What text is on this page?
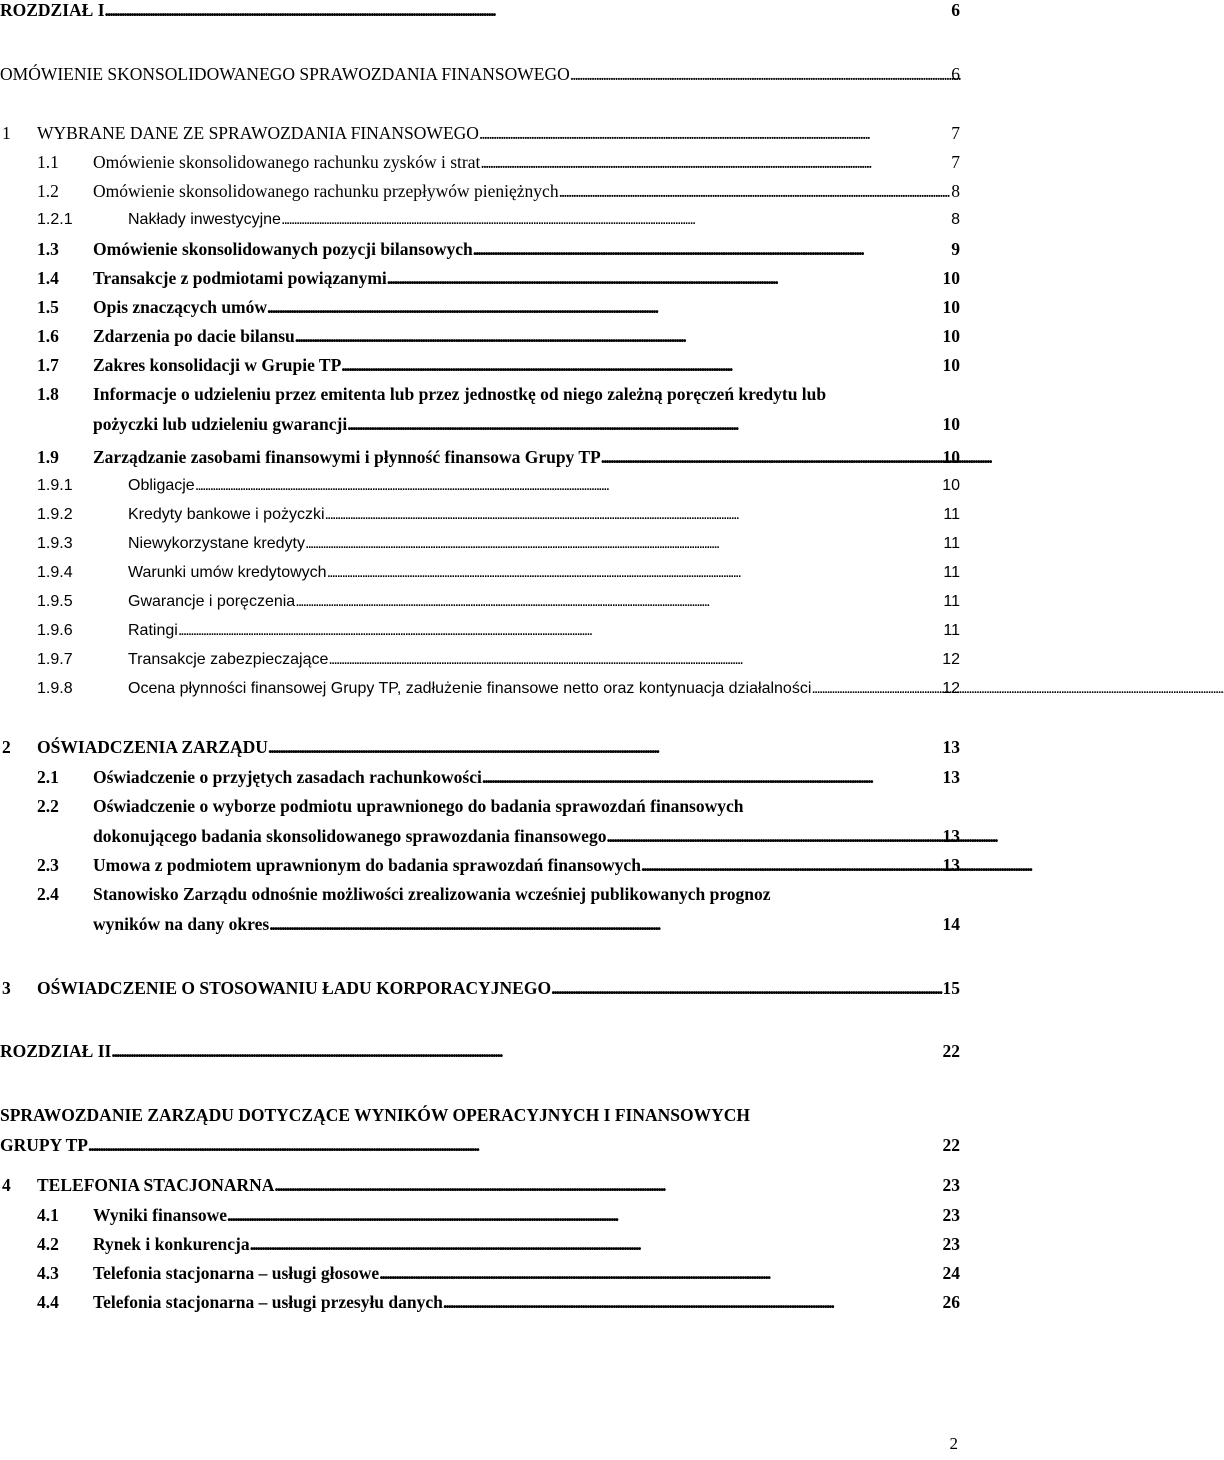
ROZDZIAŁ I . . .	6
OMÓWIENIE SKONSOLIDOWANEGO SPRAWOZDANIA FINANSOWEGO . . .	6
1 WYBRANE DANE ZE SPRAWOZDANIA FINANSOWEGO . . .	7
1.1 Omówienie skonsolidowanego rachunku zysków i strat . . .	7
1.2 Omówienie skonsolidowanego rachunku przepływów pieniężnych . . .	8
1.2.1	Nakłady inwestycyjne . . .	8
1.3 Omówienie skonsolidowanych pozycji bilansowych . . .	9
1.4 Transakcje z podmiotami powiązanymi . . .	10
1.5 Opis znaczących umów . . .	10
1.6 Zdarzenia po dacie bilansu . . .	10
1.7 Zakres konsolidacji w Grupie TP . . .	10
1.8 Informacje o udzieleniu przez emitenta lub przez jednostkę od niego zależną poręczeń kredytu lub
pożyczki lub udzieleniu gwarancji . . .	10
1.9 Zarządzanie zasobami finansowymi i płynność finansowa Grupy TP . . .	10
1.9.1	Obligacje . . .	10
1.9.2	Kredyty bankowe i pożyczki . . .	11
1.9.3	Niewykorzystane kredyty . . .	11
1.9.4	Warunki umów kredytowych . . .	11
1.9.5	Gwarancje i poręczenia . . .	11
1.9.6	Ratingi . . .	11
1.9.7	Transakcje zabezpieczające . . .	12
1.9.8	Ocena płynności finansowej Grupy TP, zadłużenie finansowe netto oraz kontynuacja działalności . . .	12
2 OŚWIADCZENIA ZARZĄDU . . .	13
2.1 Oświadczenie o przyjętych zasadach rachunkowości . . .	13
2.2 Oświadczenie o wyborze podmiotu uprawnionego do badania sprawozdań finansowych
dokonującego badania skonsolidowanego sprawozdania finansowego . . .	13
2.3 Umowa z podmiotem uprawnionym do badania sprawozdań finansowych . . .	13
2.4 Stanowisko Zarządu odnośnie możliwości zrealizowania wcześniej publikowanych prognoz
wyników na dany okres . . .	14
3 OŚWIADCZENIE O STOSOWANIU ŁADU KORPORACYJNEGO . . .	15
ROZDZIAŁ II . . .	22
SPRAWOZDANIE ZARZĄDU DOTYCZĄCE WYNIKÓW OPERACYJNYCH I FINANSOWYCH
GRUPY TP . . .	22
4 TELEFONIA STACJONARNA . . .	23
4.1 Wyniki finansowe . . .	23
4.2 Rynek i konkurencja . . .	23
4.3 Telefonia stacjonarna – usługi głosowe . . .	24
4.4 Telefonia stacjonarna – usługi przesyłu danych . . .	26
2
